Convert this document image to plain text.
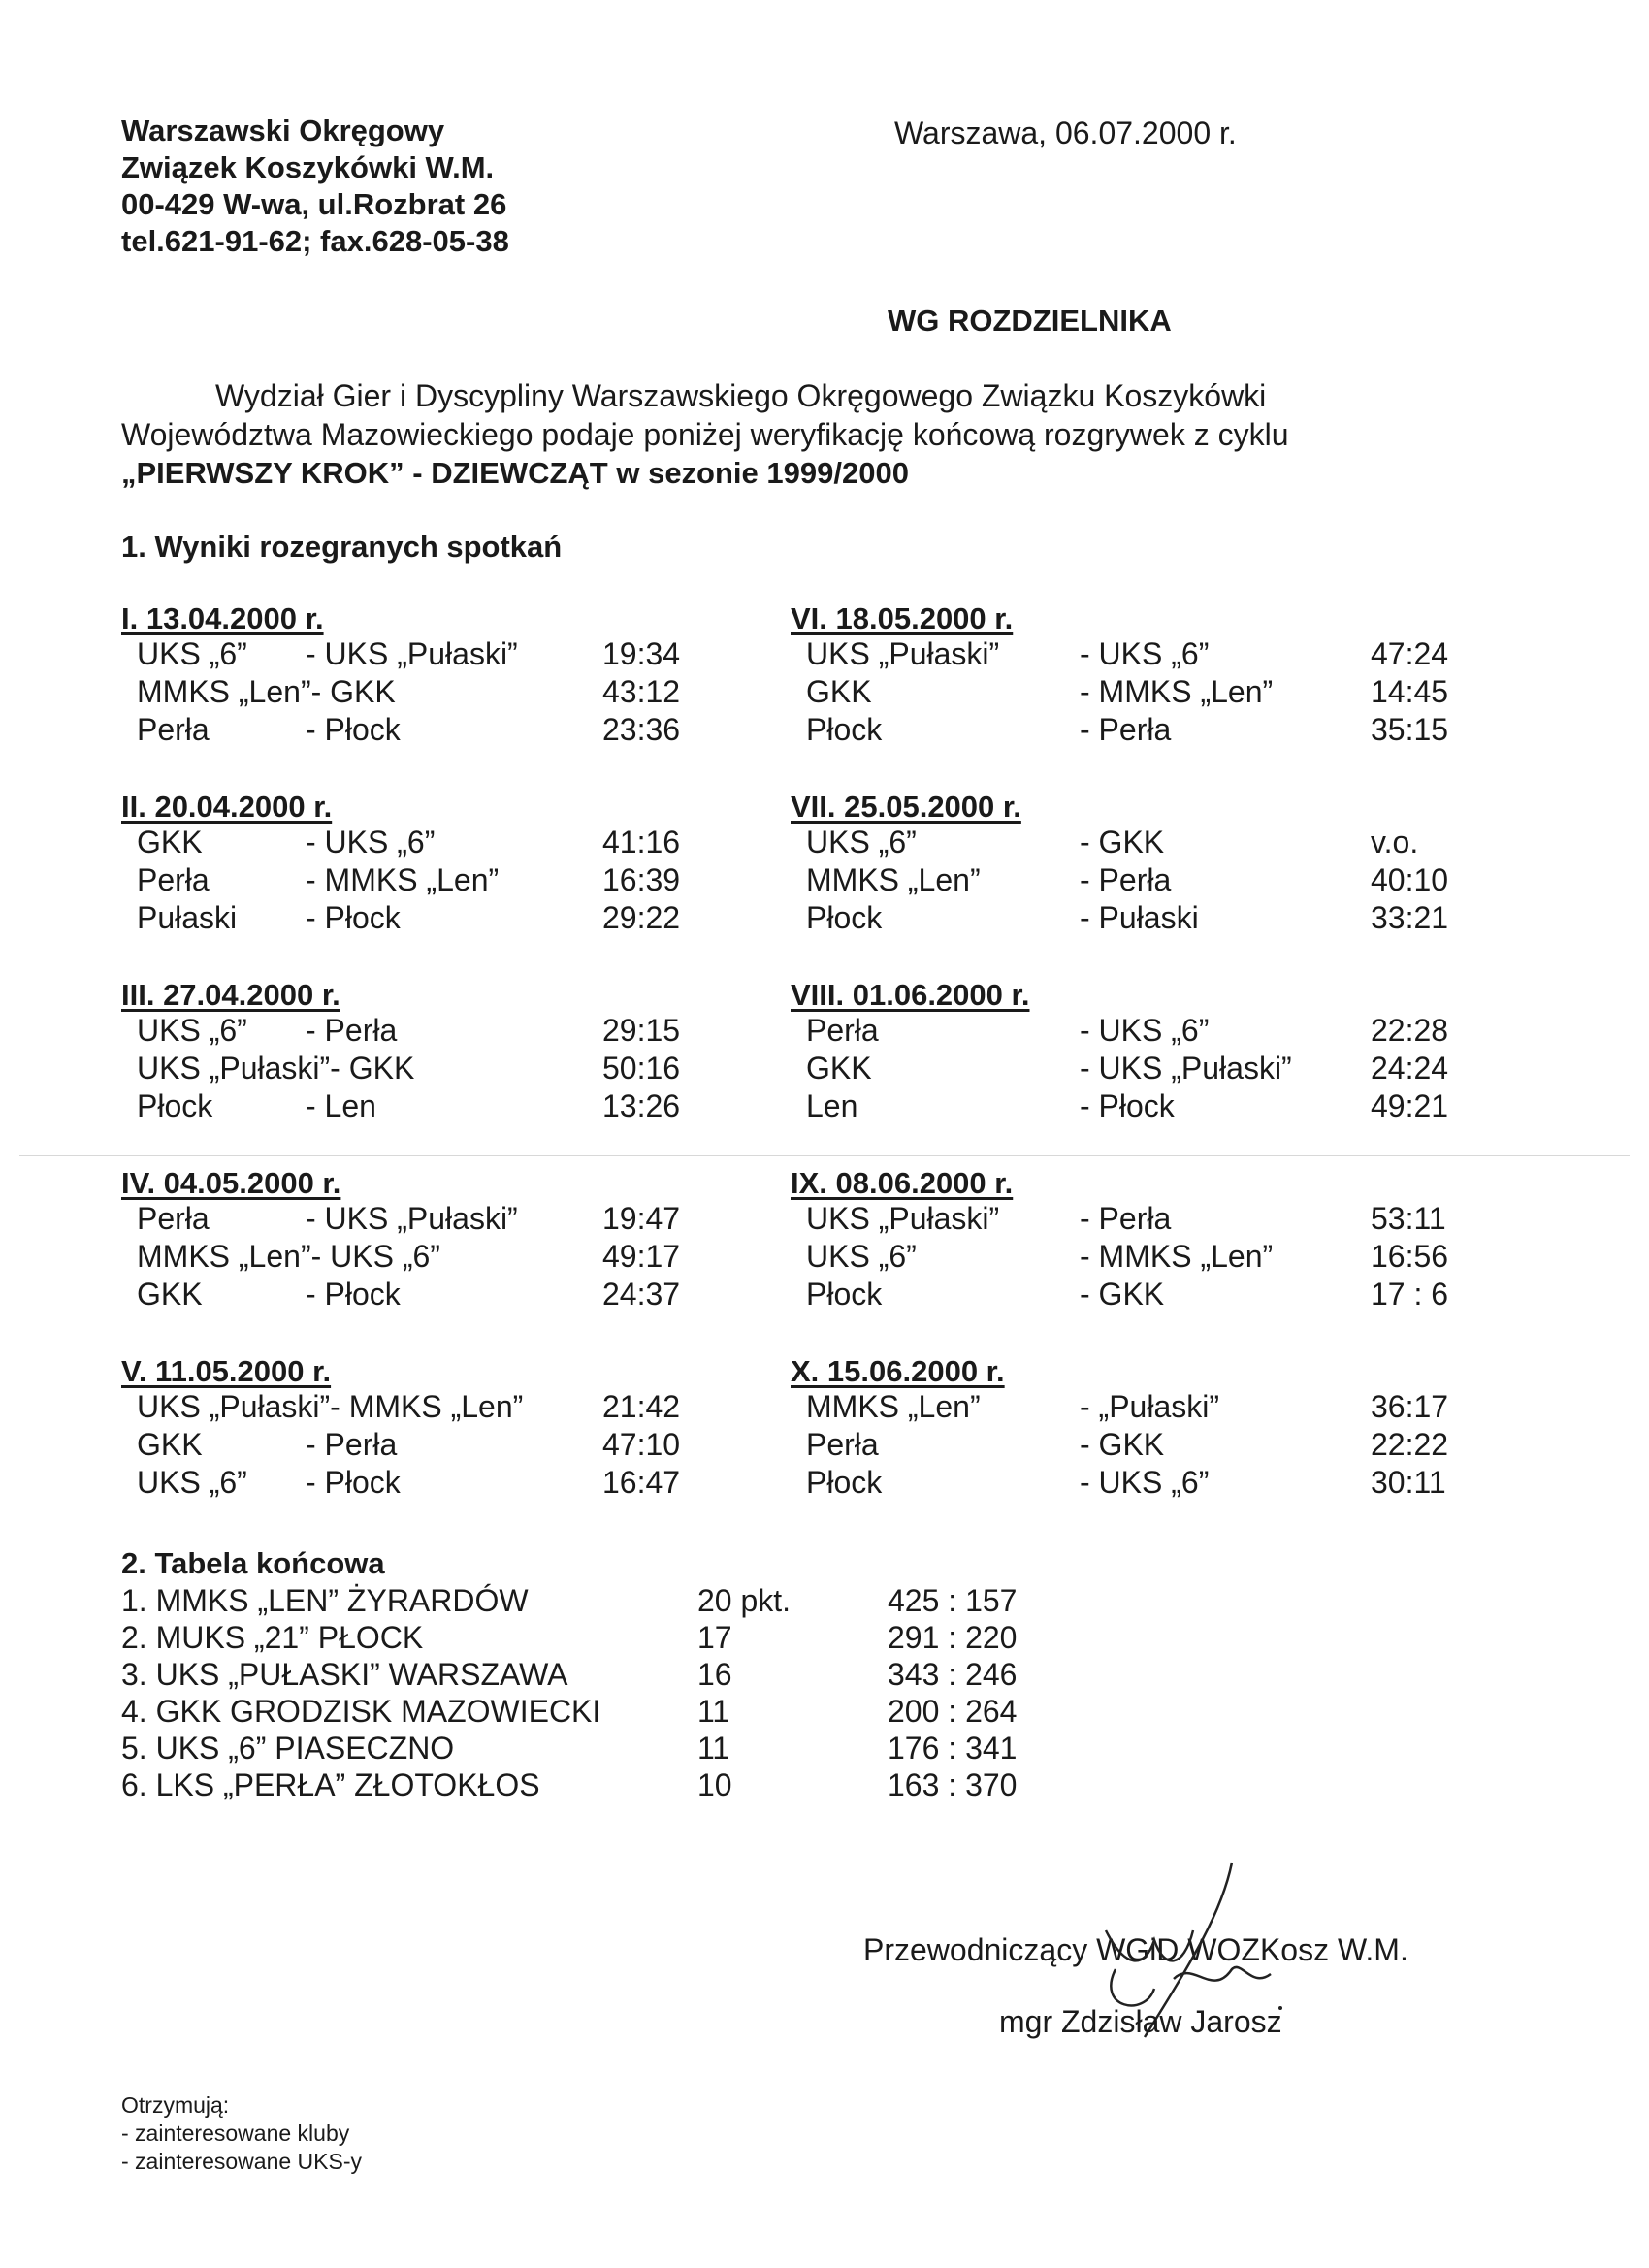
Warszawski Okręgowy
Związek Koszykówki W.M.
00-429 W-wa, ul.Rozbrat 26
tel.621-91-62; fax.628-05-38
Warszawa, 06.07.2000 r.
WG ROZDZIELNIKA
Wydział Gier i Dyscypliny Warszawskiego Okręgowego Związku Koszykówki
Województwa Mazowieckiego podaje poniżej weryfikację końcową rozgrywek z cyklu
„PIERWSZY KROK” - DZIEWCZĄT w sezonie 1999/2000
1. Wyniki rozegranych spotkań
I. 13.04.2000 r.
UKS „6” - UKS „Pułaski”	19:34
MMKS „Len”- GKK	43:12
Perła	- Płock	23:36
II. 20.04.2000 r.
GKK	- UKS „6”	41:16
Perła	- MMKS „Len”	16:39
Pułaski - Płock	29:22
III. 27.04.2000 r.
UKS „6” - Perła	29:15
UKS „Pułaski”- GKK	50:16
Płock	- Len	13:26
IV. 04.05.2000 r.
Perła	- UKS „Pułaski”	19:47
MMKS „Len”- UKS „6”	49:17
GKK	- Płock	24:37
V. 11.05.2000 r.
UKS „Pułaski”- MMKS „Len”	21:42
GKK	- Perła	47:10
UKS „6” - Płock	16:47
VI. 18.05.2000 r.
UKS „Pułaski”	- UKS „6”	47:24
GKK	- MMKS „Len”	14:45
Płock	- Perła	35:15
VII. 25.05.2000 r.
UKS „6”	- GKK	v.o.
MMKS „Len”	- Perła	40:10
Płock	- Pułaski	33:21
VIII. 01.06.2000 r.
Perła	- UKS „6”	22:28
GKK	- UKS „Pułaski”	24:24
Len	- Płock	49:21
IX. 08.06.2000 r.
UKS „Pułaski”	- Perła	53:11
UKS „6”	- MMKS „Len”	16:56
Płock	- GKK	17 : 6
X. 15.06.2000 r.
MMKS „Len”	- „Pułaski”	36:17
Perła	- GKK	22:22
Płock	- UKS „6”	30:11
2. Tabela końcowa
1. MMKS „LEN” ŻYRARDÓW	20 pkt.	425 : 157
2. MUKS „21” PŁOCK	17	291 : 220
3. UKS „PUŁASKI” WARSZAWA	16	343 : 246
4. GKK GRODZISK MAZOWIECKI	11	200 : 264
5. UKS „6” PIASECZNO	11	176 : 341
6. LKS „PERŁA” ZŁOTOKŁOS	10	163 : 370
Przewodniczący WGiD WOZKosz W.M.
mgr Zdzisław Jarosz
Otrzymują:
- zainteresowane kluby
- zainteresowane UKS-y
